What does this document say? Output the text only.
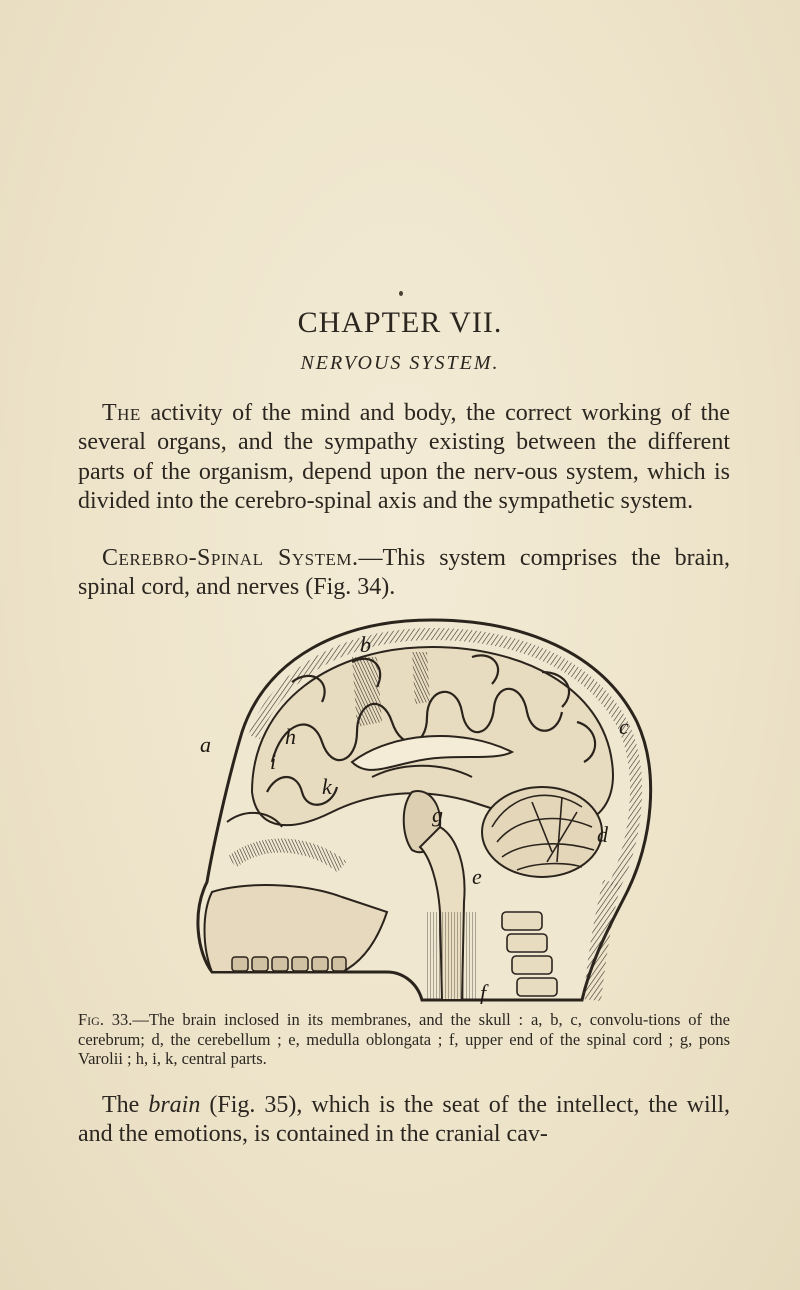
CHAPTER VII.
NERVOUS SYSTEM.
The activity of the mind and body, the correct working of the several organs, and the sympathy existing between the different parts of the organism, depend upon the nerv-ous system, which is divided into the cerebro-spinal axis and the sympathetic system.
Cerebro-Spinal System.—This system comprises the brain, spinal cord, and nerves (Fig. 34).
b
a
c
h
i
k
d
g
e
f
Fig. 33.—The brain inclosed in its membranes, and the skull : a, b, c, convolu-tions of the cerebrum; d, the cerebellum ; e, medulla oblongata ; f, upper end of the spinal cord ; g, pons Varolii ; h, i, k, central parts.
The brain (Fig. 35), which is the seat of the intellect, the will, and the emotions, is contained in the cranial cav-
